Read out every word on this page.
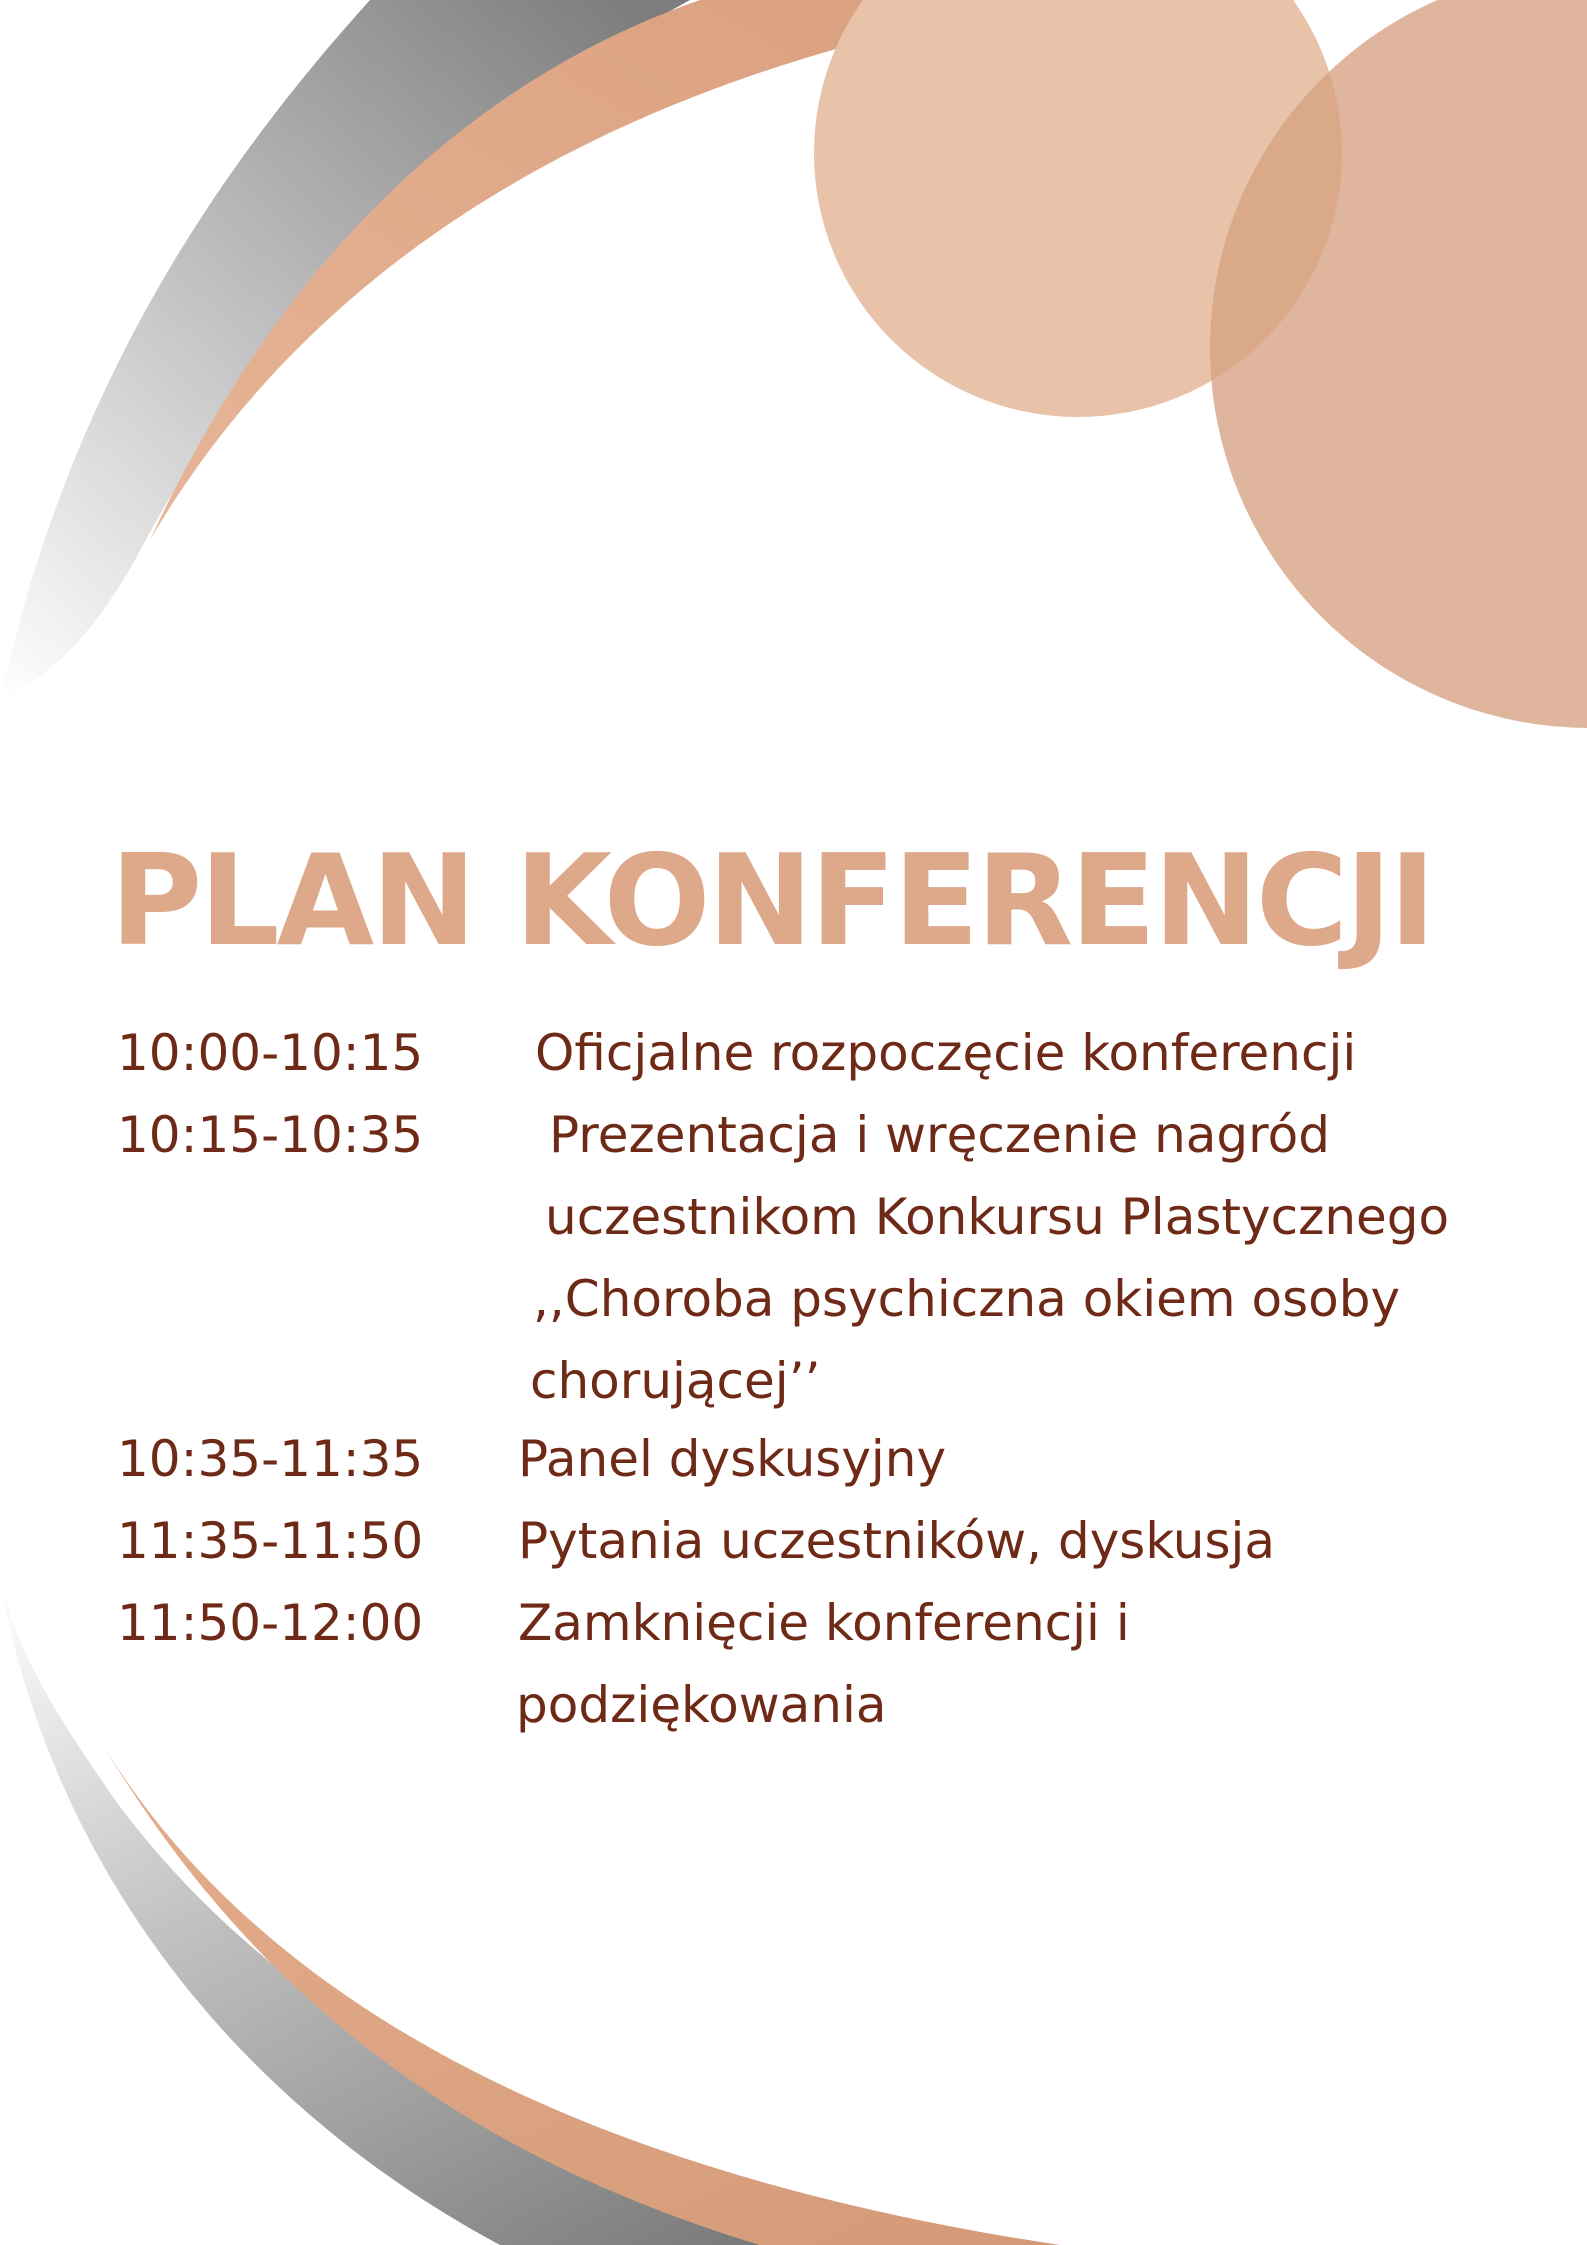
PLAN KONFERENCJI
10:00-10:15 Oficjalne rozpoczęcie konferencji
10:15-10:35	Prezentacja i wręczenie nagród
uczestnikom Konkursu Plastycznego
,,Choroba psychiczna okiem osoby
chorującej’’
10:35-11:35 Panel dyskusyjny
11:35-11:50 Pytania uczestników, dyskusja
11:50-12:00 Zamknięcie konferencji i
podziękowania
